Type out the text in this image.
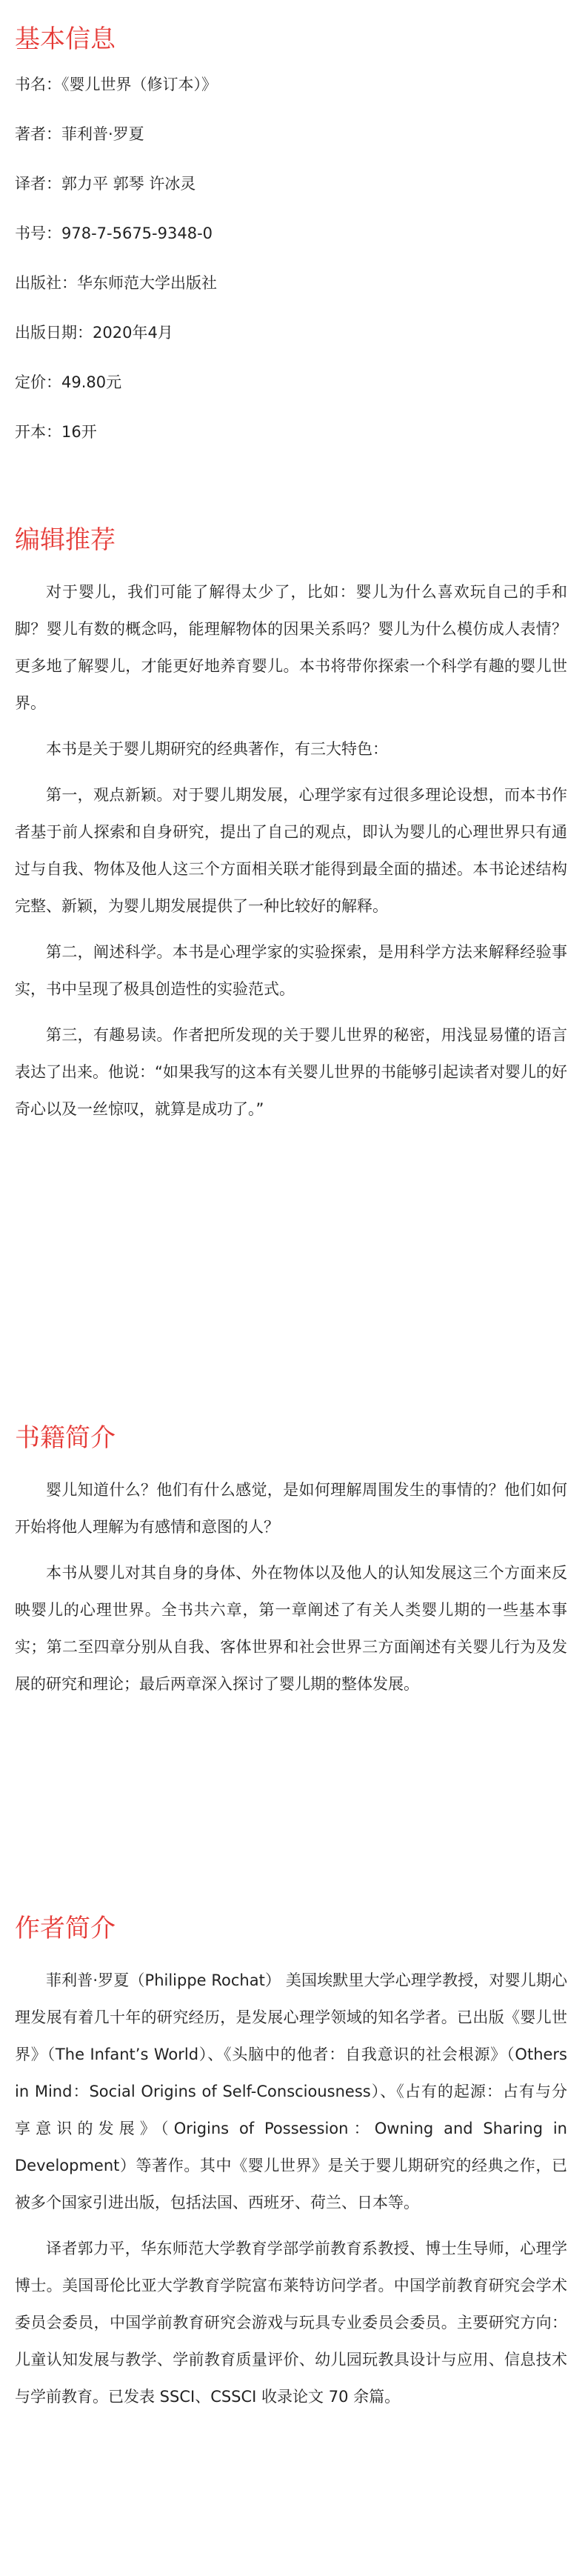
基本信息

书名：《婴儿世界（修订本）》

著者：菲利普·罗夏

译者：郭力平 郭琴 许冰灵

书号：978-7-5675-9348-0

出版社：华东师范大学出版社

出版日期：2020年4月

定价：49.80元

开本：16开

编辑推荐

对于婴儿，我们可能了解得太少了，比如：婴儿为什么喜欢玩自己的手和脚？婴儿有数的概念吗，能理解物体的因果关系吗？婴儿为什么模仿成人表情？更多地了解婴儿，才能更好地养育婴儿。本书将带你探索一个科学有趣的婴儿世界。

本书是关于婴儿期研究的经典著作，有三大特色：

第一，观点新颖。对于婴儿期发展，心理学家有过很多理论设想，而本书作者基于前人探索和自身研究，提出了自己的观点，即认为婴儿的心理世界只有通过与自我、物体及他人这三个方面相关联才能得到最全面的描述。本书论述结构完整、新颖，为婴儿期发展提供了一种比较好的解释。

第二，阐述科学。本书是心理学家的实验探索，是用科学方法来解释经验事实，书中呈现了极具创造性的实验范式。

第三，有趣易读。作者把所发现的关于婴儿世界的秘密，用浅显易懂的语言表达了出来。他说：“如果我写的这本有关婴儿世界的书能够引起读者对婴儿的好奇心以及一丝惊叹，就算是成功了。”

书籍简介

婴儿知道什么？他们有什么感觉，是如何理解周围发生的事情的？他们如何开始将他人理解为有感情和意图的人？

本书从婴儿对其自身的身体、外在物体以及他人的认知发展这三个方面来反映婴儿的心理世界。全书共六章，第一章阐述了有关人类婴儿期的一些基本事实；第二至四章分别从自我、客体世界和社会世界三方面阐述有关婴儿行为及发展的研究和理论；最后两章深入探讨了婴儿期的整体发展。

作者简介

菲利普·罗夏（Philippe Rochat） 美国埃默里大学心理学教授，对婴儿期心理发展有着几十年的研究经历，是发展心理学领域的知名学者。已出版《婴儿世界》（The Infant’s World）、《头脑中的他者：自我意识的社会根源》（Others in Mind：Social Origins of Self-Consciousness）、《占有的起源：占有与分享意识的发展》（Origins of Possession：Owning and Sharing in Development）等著作。其中《婴儿世界》是关于婴儿期研究的经典之作，已被多个国家引进出版，包括法国、西班牙、荷兰、日本等。

译者郭力平，华东师范大学教育学部学前教育系教授、博士生导师，心理学博士。美国哥伦比亚大学教育学院富布莱特访问学者。中国学前教育研究会学术委员会委员，中国学前教育研究会游戏与玩具专业委员会委员。主要研究方向：儿童认知发展与教学、学前教育质量评价、幼儿园玩教具设计与应用、信息技术与学前教育。已发表 SSCI、CSSCI 收录论文 70 余篇。
